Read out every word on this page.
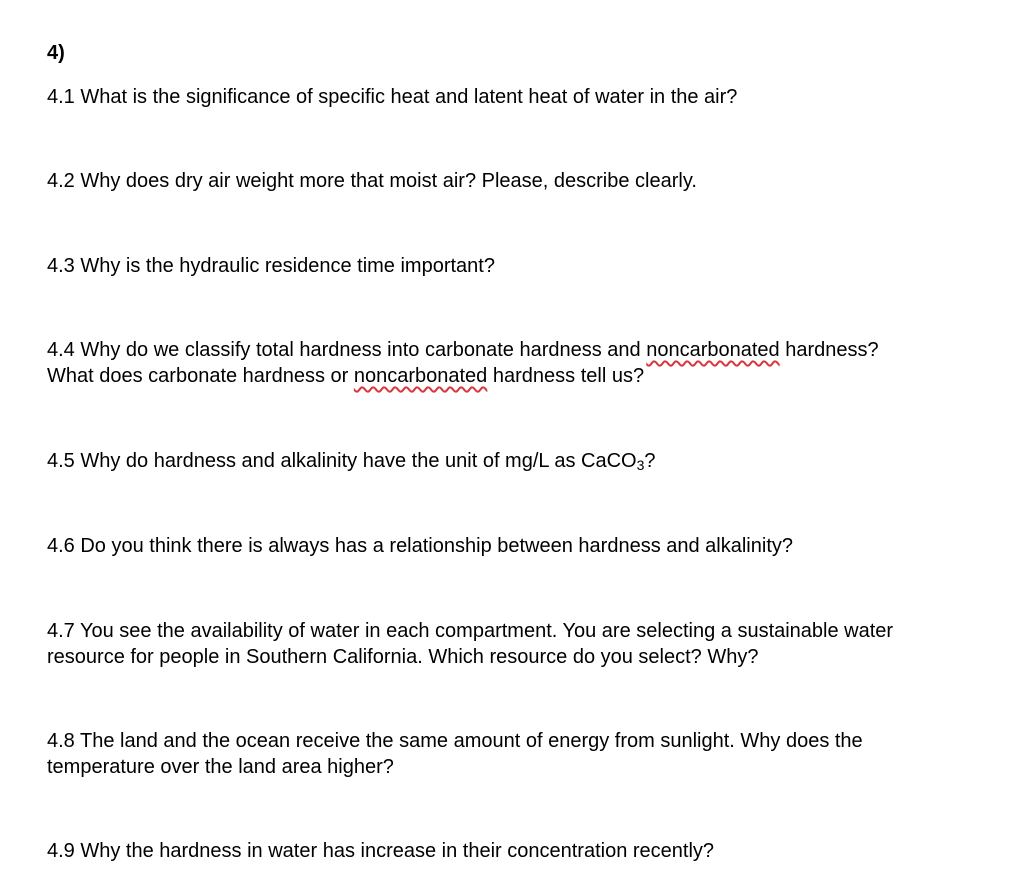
4)
4.1 What is the significance of specific heat and latent heat of water in the air?
4.2 Why does dry air weight more that moist air? Please, describe clearly.
4.3 Why is the hydraulic residence time important?
4.4 Why do we classify total hardness into carbonate hardness and noncarbonated hardness?
What does carbonate hardness or noncarbonated hardness tell us?
4.5 Why do hardness and alkalinity have the unit of mg/L as CaCO$_3$?
4.6 Do you think there is always has a relationship between hardness and alkalinity?
4.7 You see the availability of water in each compartment. You are selecting a sustainable water
resource for people in Southern California. Which resource do you select? Why?
4.8 The land and the ocean receive the same amount of energy from sunlight. Why does the
temperature over the land area higher?
4.9 Why the hardness in water has increase in their concentration recently?
